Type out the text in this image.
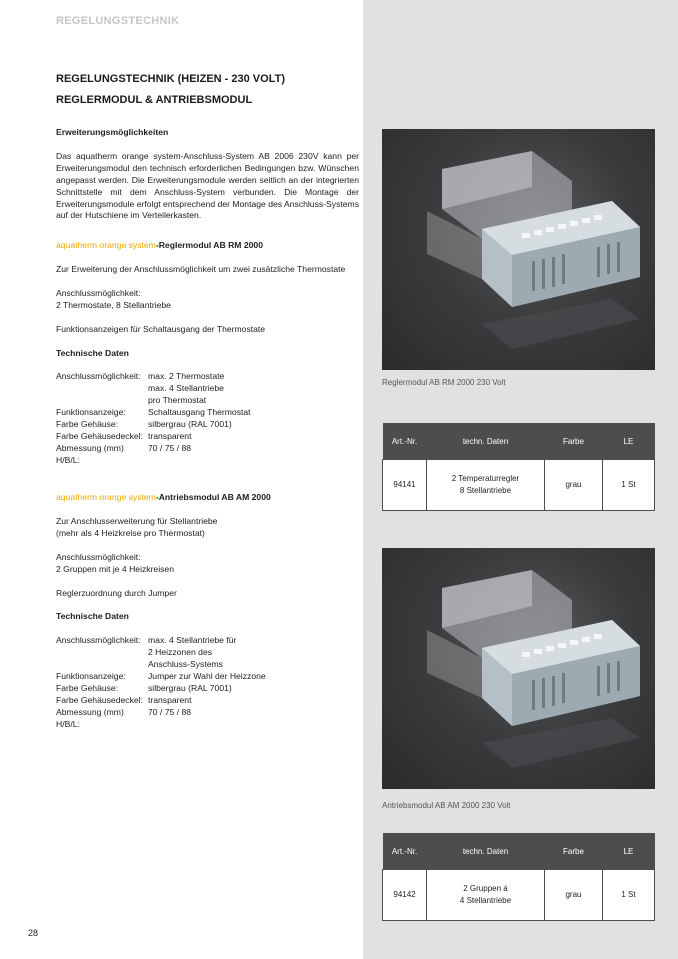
REGELUNGSTECHNIK
REGELUNGSTECHNIK (HEIZEN - 230 VOLT)
REGLERMODUL & ANTRIEBSMODUL
Erweiterungsmöglichkeiten

Das aquatherm orange system-Anschluss-System AB 2006 230V kann per Erweiterungsmodul den technisch erforderlichen Bedingungen bzw. Wünschen angepasst werden. Die Erweiterungsmodule werden seitlich an der integrierten Schnittstelle mit dem Anschluss-System verbunden. Die Montage der Erweiterungsmodule erfolgt entsprechend der Montage des Anschluss-Systems auf der Hutschiene im Verteilerkasten.

aquatherm orange system-Reglermodul AB RM 2000

Zur Erweiterung der Anschlussmöglichkeit um zwei zusätzliche Thermostate

Anschlussmöglichkeit:
2 Thermostate, 8 Stellantriebe

Funktionsanzeigen für Schaltausgang der Thermostate

Technische Daten
Anschlussmöglichkeit: max. 2 Thermostate
max. 4 Stellantriebe
pro Thermostat
Funktionsanzeige:	Schaltausgang Thermostat
Farbe Gehäuse:	silbergrau (RAL 7001)
Farbe Gehäusedeckel: transparent
Abmessung (mm) H/B/L:
70 / 75 / 88
aquatherm orange system-Antriebsmodul AB AM 2000

Zur Anschlusserweiterung für Stellantriebe
(mehr als 4 Heizkreise pro Thermostat)

Anschlussmöglichkeit:
2 Gruppen mit je 4 Heizkreisen

Reglerzuordnung durch Jumper

Technische Daten
Anschlussmöglichkeit: max. 4 Stellantriebe für
2 Heizzonen des
Anschluss-Systems
Funktionsanzeige:	Jumper zur Wahl der Heizzone
Farbe Gehäuse:	silbergrau (RAL 7001)
Farbe Gehäusedeckel: transparent
Abmessung (mm) H/B/L:
70 / 75 / 88
Reglermodul AB RM 2000 230 Volt
Art.-Nr.	techn. Daten	Farbe	LE
94141	2 Temperaturregler
8 Stellantriebe	grau	1 St
Antriebsmodul AB AM 2000 230 Volt
Art.-Nr.	techn. Daten	Farbe	LE
94142	2 Gruppen á
4 Stellantriebe	grau	1 St
28
